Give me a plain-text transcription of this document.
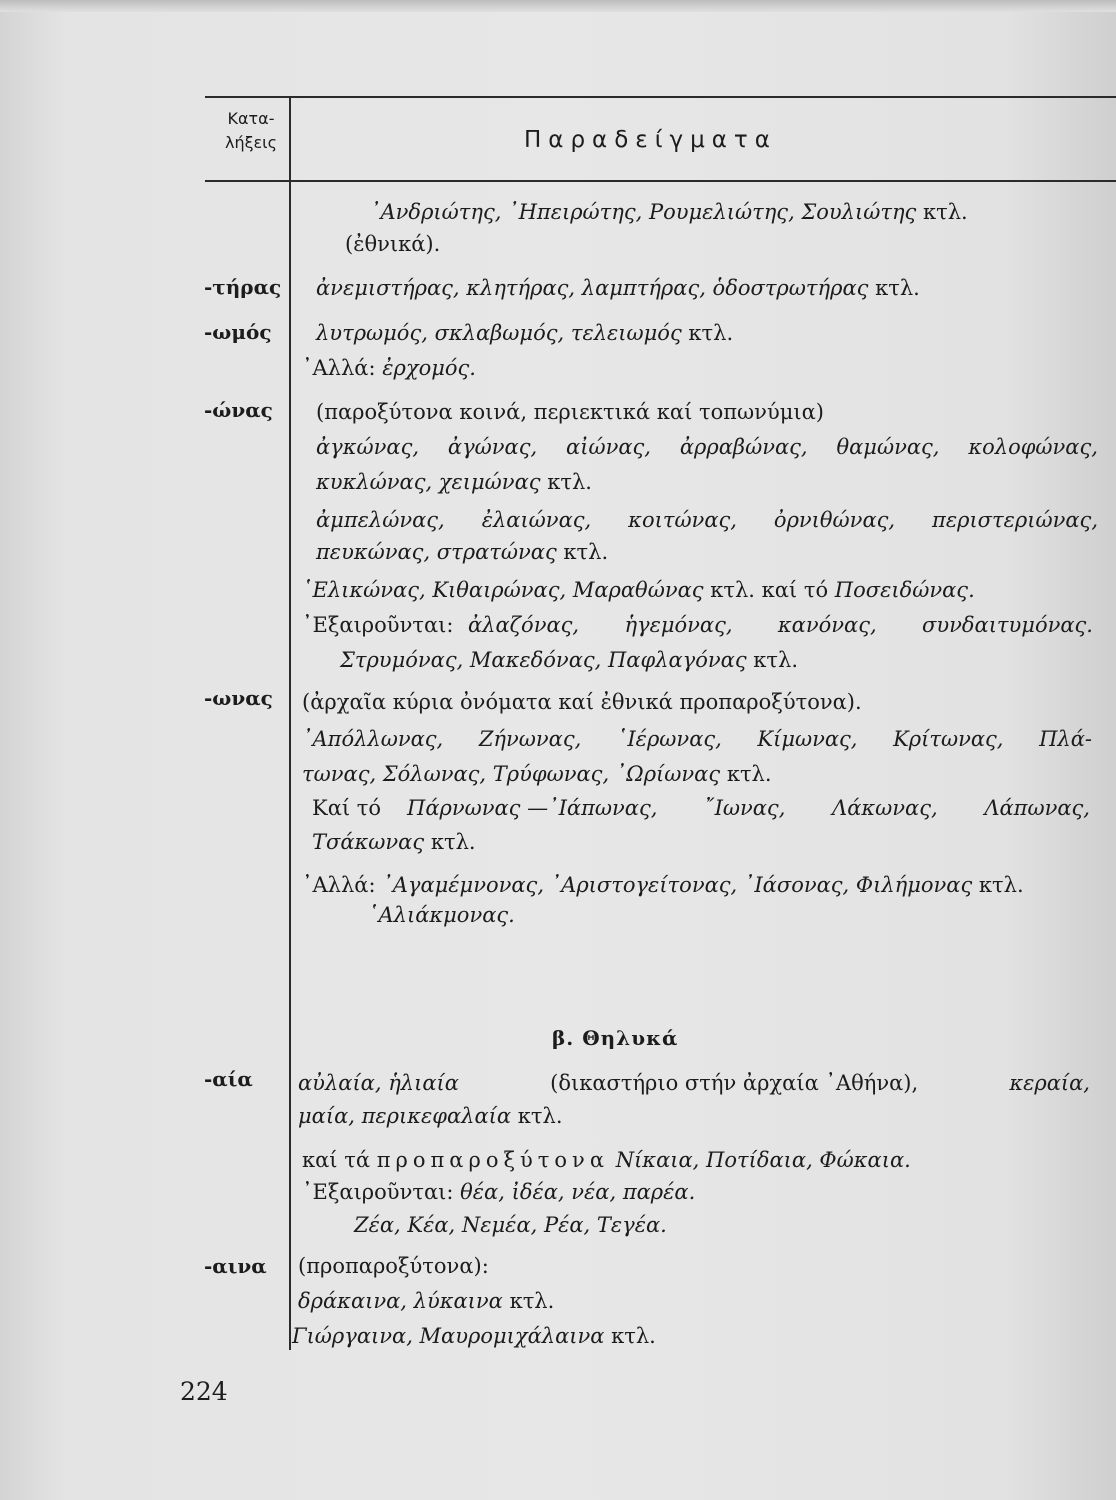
Κατα-
λήξεις	Παραδείγματα
᾿Ανδριώτης, ᾿Ηπειρώτης, Ρουμελιώτης, Σουλιώτης κτλ.
(ἐθνικά).
-τήρας ἀνεμιστήρας, κλητήρας, λαμπτήρας, ὁδοστρωτήρας κτλ.
-ωμός λυτρωμός, σκλαβωμός, τελειωμός κτλ.
᾿Αλλά: ἐρχομός.
-ώνας (παροξύτονα κοινά, περιεκτικά καί τοπωνύμια)
ἀγκώνας, ἀγώνας, αἰώνας, ἀρραβώνας, θαμώνας, κολοφώνας,
κυκλώνας, χειμώνας κτλ.
ἀμπελώνας, ἐλαιώνας, κοιτώνας, ὀρνιθώνας, περιστεριώνας,
πευκώνας, στρατώνας κτλ.
῾Ελικώνας, Κιθαιρώνας, Μαραθώνας κτλ. καί τό Ποσειδώνας.
᾿Εξαιροῦνται: ἀλαζόνας, ἡγεμόνας, κανόνας, συνδαιτυμόνας.
Στρυμόνας, Μακεδόνας, Παφλαγόνας κτλ.
-ωνας (ἀρχαῖα κύρια ὀνόματα καί ἐθνικά προπαροξύτονα).
᾿Απόλλωνας, Ζήνωνας, ῾Ιέρωνας, Κίμωνας, Κρίτωνας, Πλά-
τωνας, Σόλωνας, Τρύφωνας, ᾿Ωρίωνας κτλ.
Καί τό Πάρνωνας —᾿Ιάπωνας, ῎Ιωνας, Λάκωνας, Λάπωνας,
Τσάκωνας κτλ.
᾿Αλλά: ᾿Αγαμέμνονας, ᾿Αριστογείτονας, ᾿Ιάσονας, Φιλήμονας κτλ.
῾Αλιάκμονας.
β. Θηλυκά
-αία αὐλαία, ἡλιαία	(δικαστήριο στήν ἀρχαία ᾿Αθήνα),	κεραία,
μαία, περικεφαλαία κτλ.
καί τά προπαροξύτονα Νίκαια, Ποτίδαια, Φώκαια.
᾿Εξαιροῦνται: θέα, ἰδέα, νέα, παρέα.
Ζέα, Κέα, Νεμέα, Ρέα, Τεγέα.
-αινα (προπαροξύτονα):
δράκαινα, λύκαινα κτλ.
Γιώργαινα, Μαυρομιχάλαινα κτλ.
224
